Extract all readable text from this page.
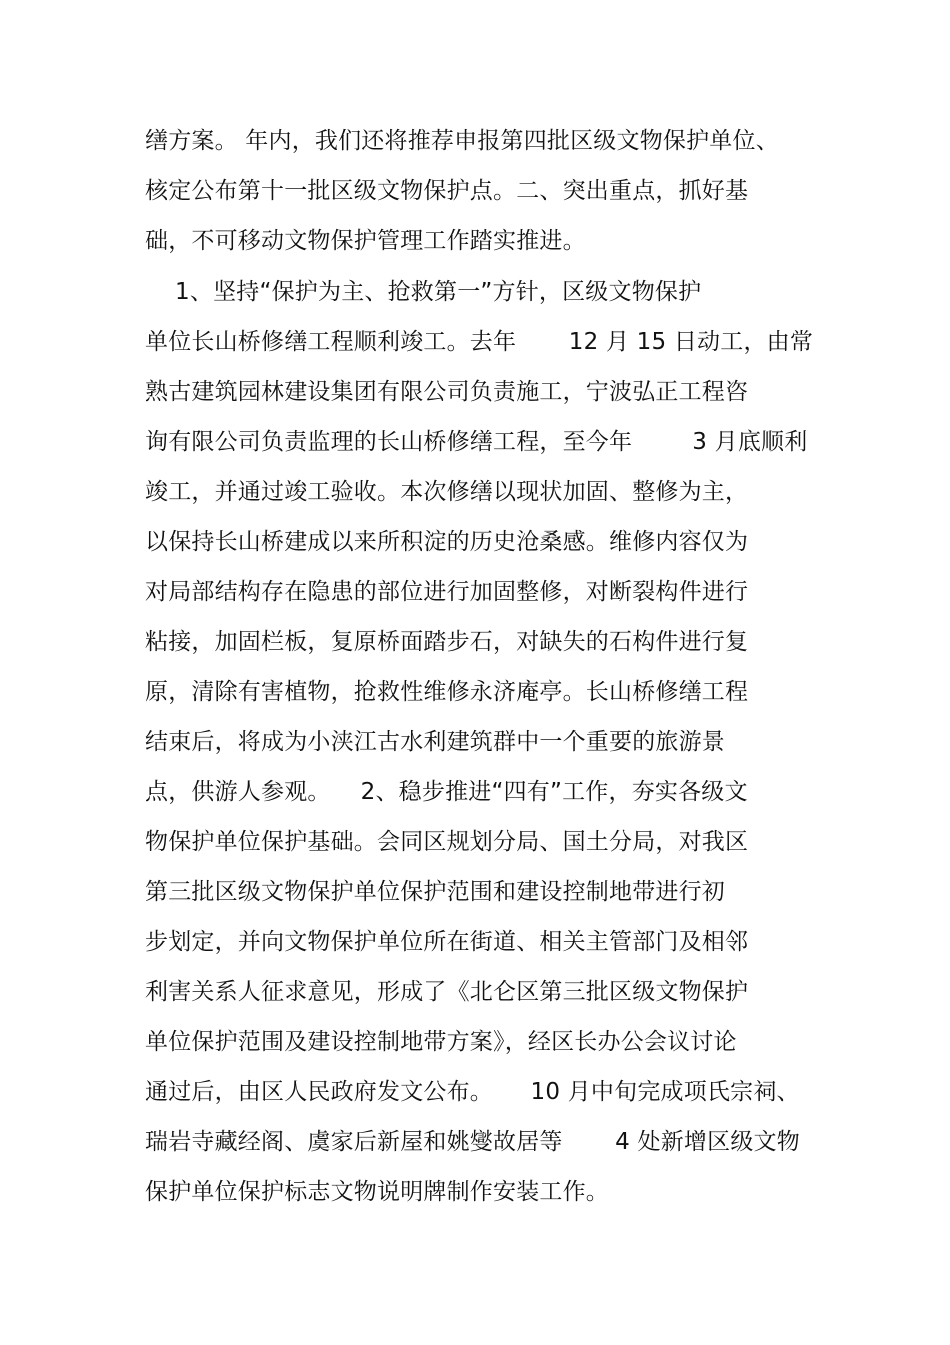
缮方案。 年内，我们还将推荐申报第四批区级文物保护单位、
核定公布第十一批区级文物保护点。二、突出重点，抓好基
础，不可移动文物保护管理工作踏实推进。
1、坚持“保护为主、抢救第一”方针，区级文物保护
单位长山桥修缮工程顺利竣工。去年       12 月 15 日动工，由常
熟古建筑园林建设集团有限公司负责施工，宁波弘正工程咨
询有限公司负责监理的长山桥修缮工程，至今年        3 月底顺利
竣工，并通过竣工验收。本次修缮以现状加固、整修为主，
以保持长山桥建成以来所积淀的历史沧桑感。维修内容仅为
对局部结构存在隐患的部位进行加固整修，对断裂构件进行
粘接，加固栏板，复原桥面踏步石，对缺失的石构件进行复
原，清除有害植物，抢救性维修永济庵亭。长山桥修缮工程
结束后，将成为小浃江古水利建筑群中一个重要的旅游景
点，供游人参观。    2、稳步推进“四有”工作，夯实各级文
物保护单位保护基础。会同区规划分局、国土分局，对我区
第三批区级文物保护单位保护范围和建设控制地带进行初
步划定，并向文物保护单位所在街道、相关主管部门及相邻
利害关系人征求意见，形成了《北仑区第三批区级文物保护
单位保护范围及建设控制地带方案》，经区长办公会议讨论
通过后，由区人民政府发文公布。     10 月中旬完成项氏宗祠、
瑞岩寺藏经阁、虞家后新屋和姚燮故居等       4 处新增区级文物
保护单位保护标志文物说明牌制作安装工作。
